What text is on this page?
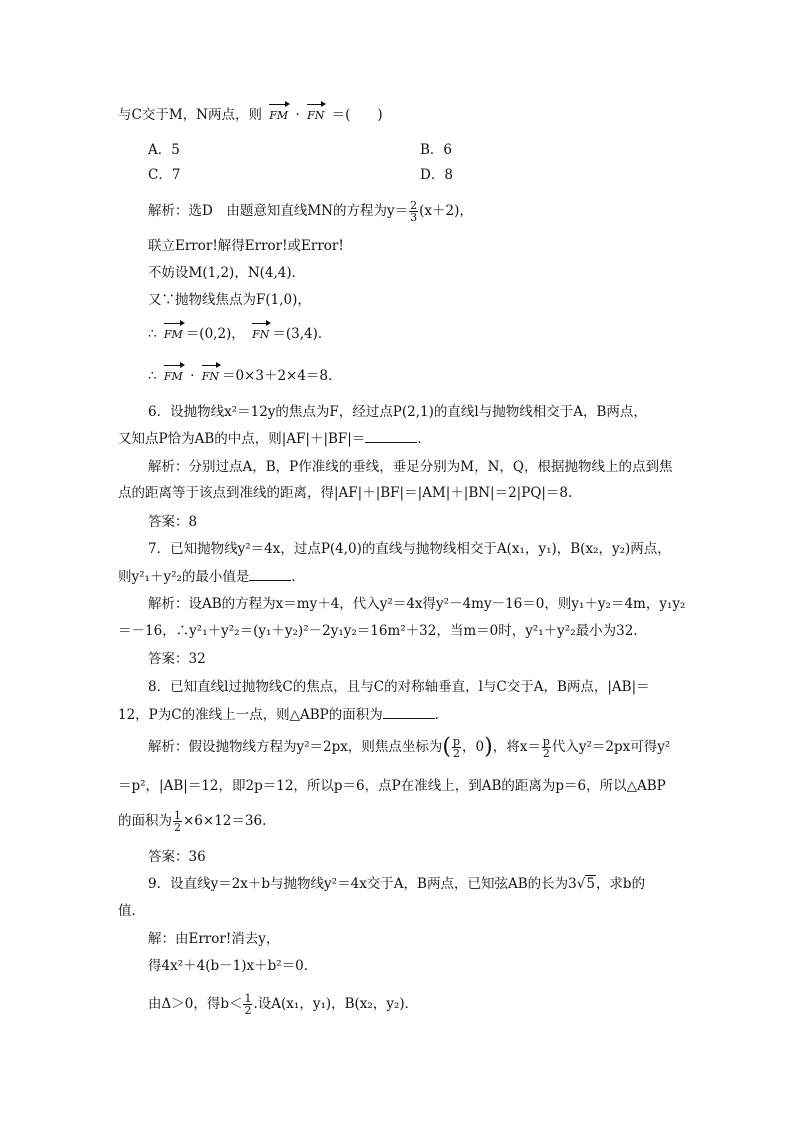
与C交于M，N两点，则 FM · FN ＝(　　)
A．5	B．6
C．7	D．8
解析：选D　由题意知直线MN的方程为$y= \frac{2}{3} (x+2)$，
联立Error!解得Error!或Error!
不妨设M(1,2)，N(4,4)．
又∵抛物线焦点为F(1,0)，
∴ FM ＝(0,2)， FN ＝(3,4)．
∴ FM · FN ＝0×3＋2×4＝8.
6．设抛物线x²＝12y的焦点为F，经过点P(2,1)的直线l与抛物线相交于A，B两点，
又知点P恰为AB的中点，则|AF|＋|BF|＝	．
解析：分别过点A，B，P作准线的垂线，垂足分别为M，N，Q，根据抛物线上的点到焦
点的距离等于该点到准线的距离，得|AF|＋|BF|＝|AM|＋|BN|＝2|PQ|＝8.
答案：8
7．已知抛物线y²＝4x，过点P(4,0)的直线与抛物线相交于A(x₁，y₁)，B(x₂，y₂)两点，
则y²₁＋y²₂的最小值是	．
解析：设AB的方程为x＝my＋4，代入y²＝4x得y²－4my－16＝0，则y₁＋y₂＝4m，y₁y₂
＝－16，∴y²₁＋y²₂＝(y₁＋y₂)²－2y₁y₂＝16m²＋32，当m＝0时，y²₁＋y²₂最小为32.
答案：32
8．已知直线l过抛物线C的焦点，且与C的对称轴垂直，l与C交于A，B两点，|AB|＝
12，P为C的准线上一点，则△ABP的面积为	．
解析：假设抛物线方程为y²＝2px，则焦点坐标为( $\frac{p}{2}$ ，0)，将$x= \frac{p}{2}$ 代入y²＝2px可得y²
＝p²，|AB|＝12，即2p＝12，所以p＝6，点P在准线上，到AB的距离为p＝6，所以△ABP
的面积为 $\frac{1}{2} \times 6\times 12=36$.
答案：36
9．设直线y＝2x＋b与抛物线y²＝4x交于A，B两点，已知弦AB的长为3√5，求b的
值．
解：由Error!消去y，
得4x²＋4(b－1)x＋b²＝0.
由Δ＞0，得$b< \frac{1}{2}$ .设A(x₁，y₁)，B(x₂，y₂)．
